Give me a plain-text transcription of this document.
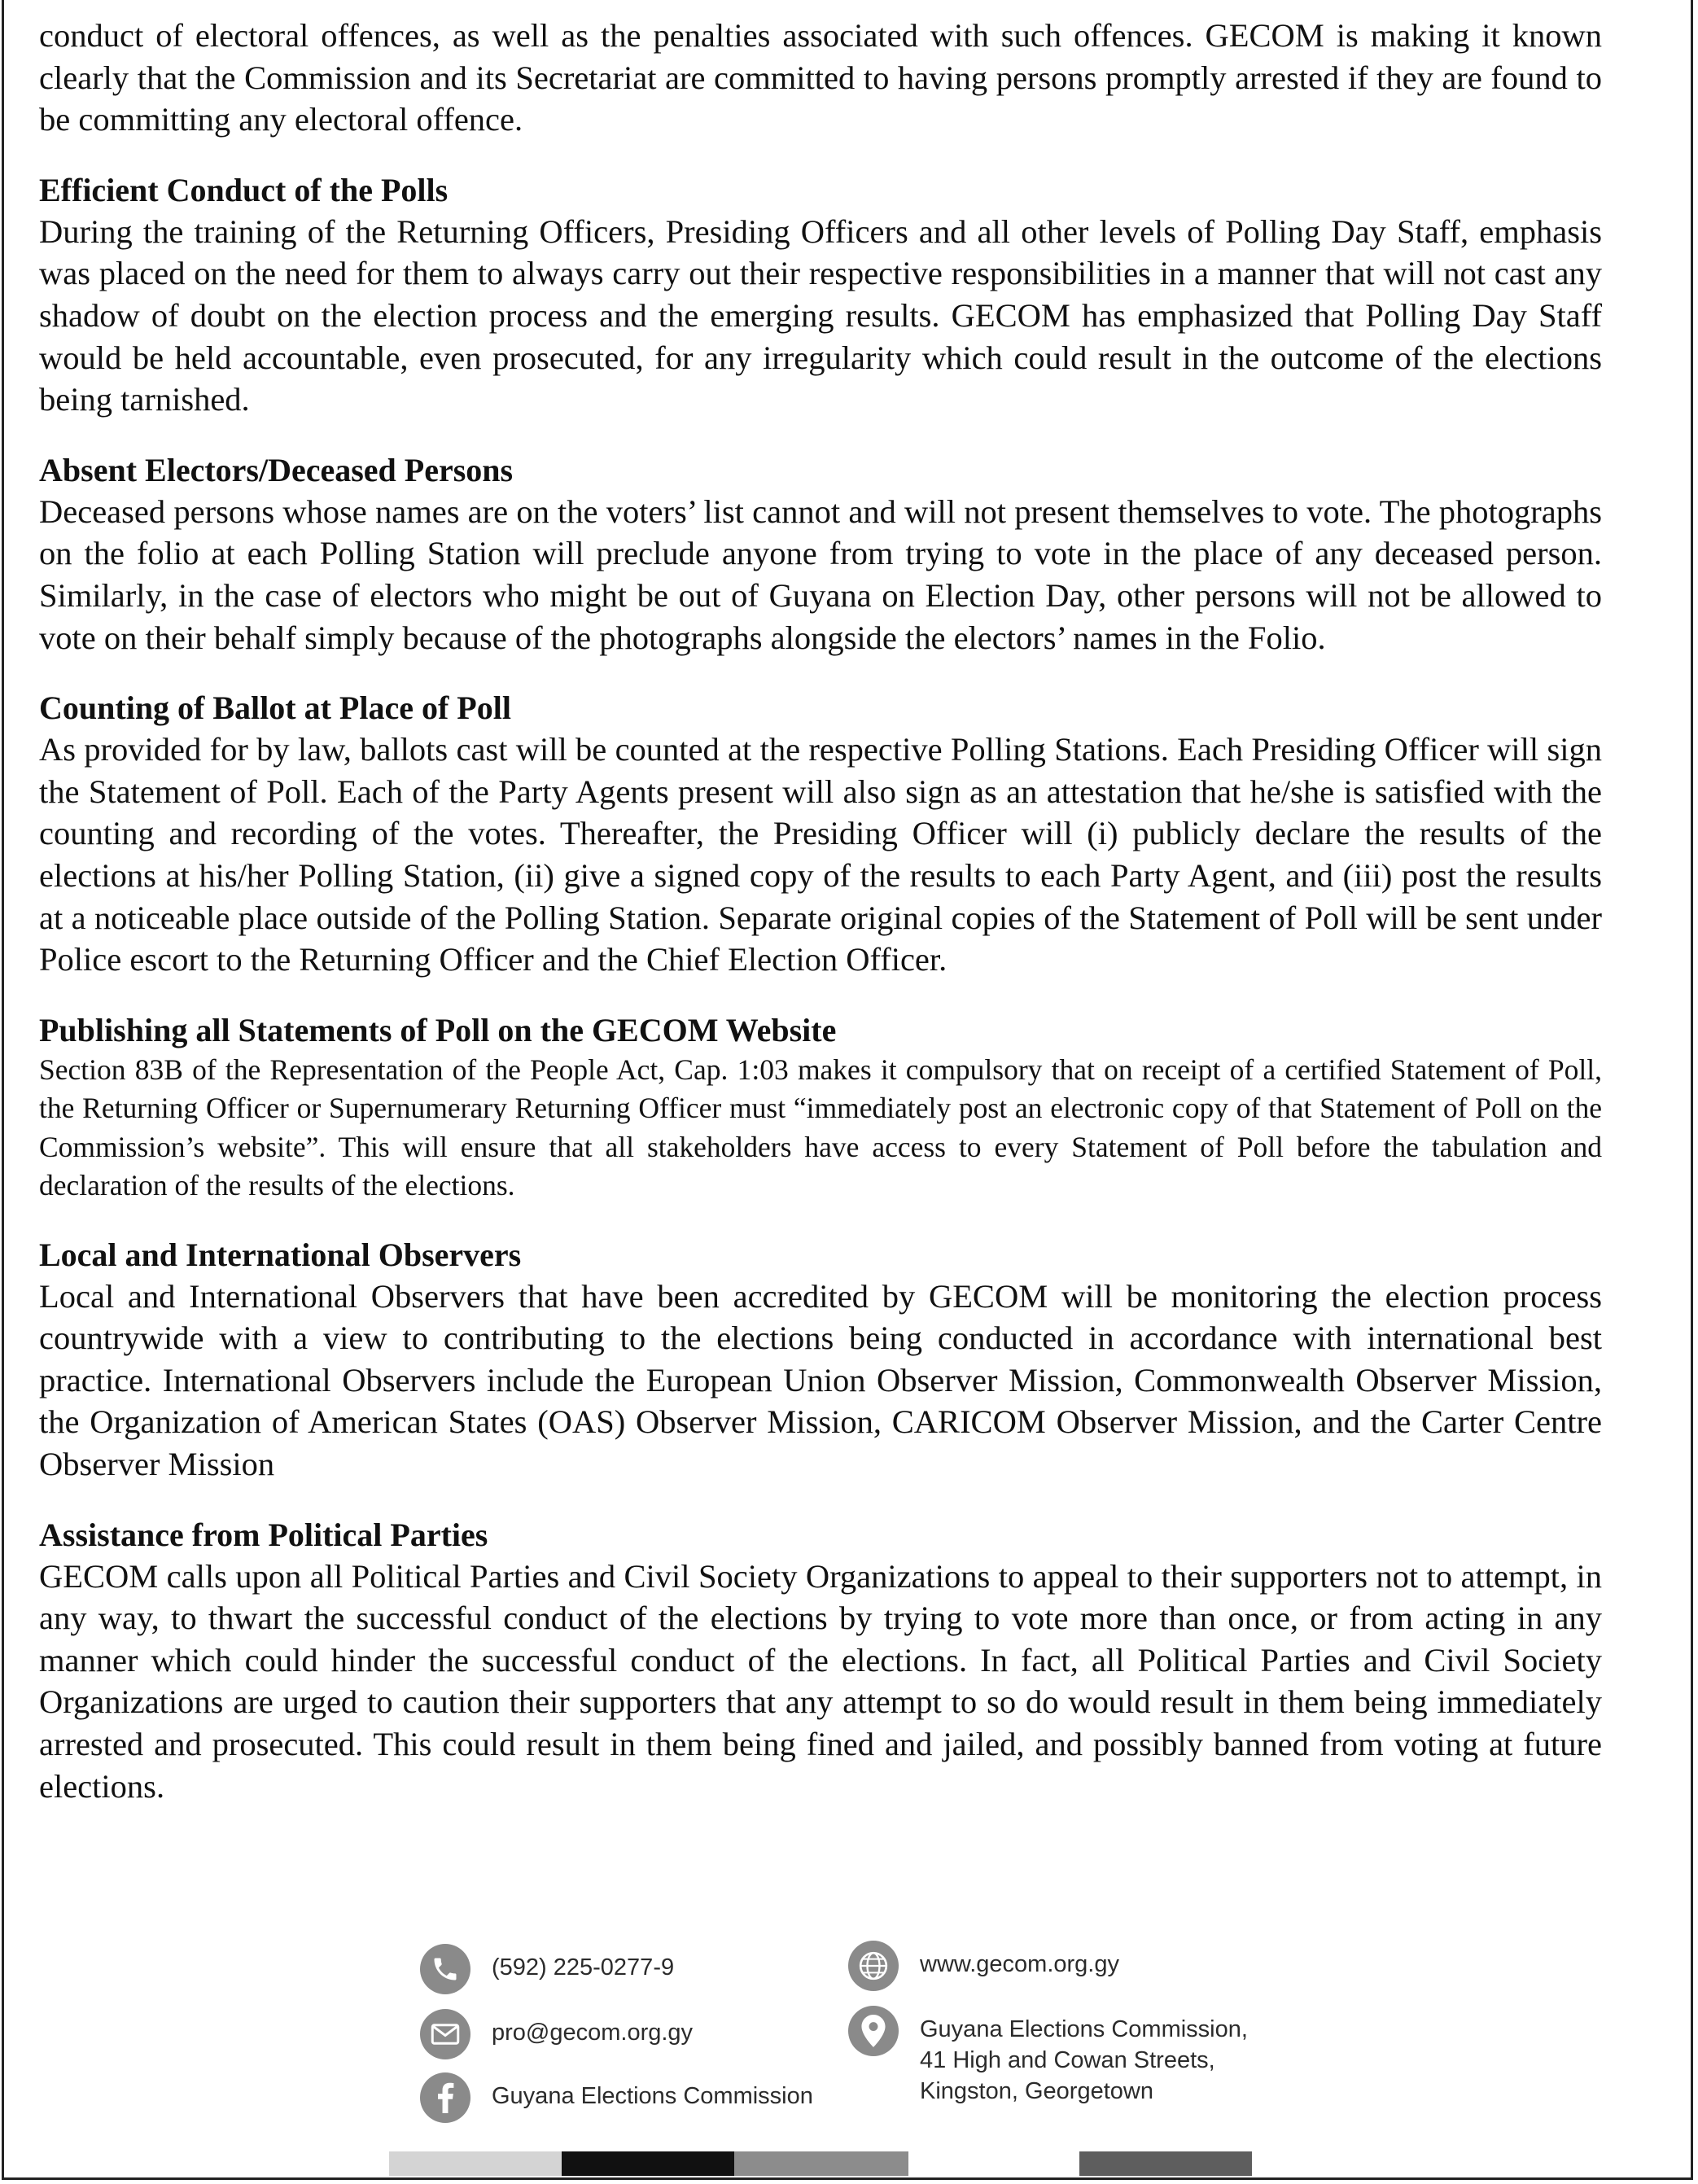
conduct of electoral offences, as well as the penalties associated with such offences. GECOM is making it known clearly that the Commission and its Secretariat are committed to having persons promptly arrested if they are found to be committing any electoral offence.

Efficient Conduct of the Polls

During the training of the Returning Officers, Presiding Officers and all other levels of Polling Day Staff, emphasis was placed on the need for them to always carry out their respective responsibilities in a manner that will not cast any shadow of doubt on the election process and the emerging results. GECOM has emphasized that Polling Day Staff would be held accountable, even prosecuted, for any irregularity which could result in the outcome of the elections being tarnished.

Absent Electors/Deceased Persons

Deceased persons whose names are on the voters’ list cannot and will not present themselves to vote. The photographs on the folio at each Polling Station will preclude anyone from trying to vote in the place of any deceased person. Similarly, in the case of electors who might be out of Guyana on Election Day, other persons will not be allowed to vote on their behalf simply because of the photographs alongside the electors’ names in the Folio.

Counting of Ballot at Place of Poll

As provided for by law, ballots cast will be counted at the respective Polling Stations. Each Presiding Officer will sign the Statement of Poll. Each of the Party Agents present will also sign as an attestation that he/she is satisfied with the counting and recording of the votes. Thereafter, the Presiding Officer will (i) publicly declare the results of the elections at his/her Polling Station, (ii) give a signed copy of the results to each Party Agent, and (iii) post the results at a noticeable place outside of the Polling Station. Separate original copies of the Statement of Poll will be sent under Police escort to the Returning Officer and the Chief Election Officer.

Publishing all Statements of Poll on the GECOM Website

Section 83B of the Representation of the People Act, Cap. 1:03 makes it compulsory that on receipt of a certified Statement of Poll, the Returning Officer or Supernumerary Returning Officer must “immediately post an electronic copy of that Statement of Poll on the Commission’s website”. This will ensure that all stakeholders have access to every Statement of Poll before the tabulation and declaration of the results of the elections.

Local and International Observers

Local and International Observers that have been accredited by GECOM will be monitoring the election process countrywide with a view to contributing to the elections being conducted in accordance with international best practice. International Observers include the European Union Observer Mission, Commonwealth Observer Mission, the Organization of American States (OAS) Observer Mission, CARICOM Observer Mission, and the Carter Centre Observer Mission

Assistance from Political Parties

GECOM calls upon all Political Parties and Civil Society Organizations to appeal to their supporters not to attempt, in any way, to thwart the successful conduct of the elections by trying to vote more than once, or from acting in any manner which could hinder the successful conduct of the elections. In fact, all Political Parties and Civil Society Organizations are urged to caution their supporters that any attempt to so do would result in them being immediately arrested and prosecuted. This could result in them being fined and jailed, and possibly banned from voting at future elections.

(592) 225-0277-9
pro@gecom.org.gy
Guyana Elections Commission
www.gecom.org.gy
Guyana Elections Commission,
41 High and Cowan Streets,
Kingston, Georgetown
